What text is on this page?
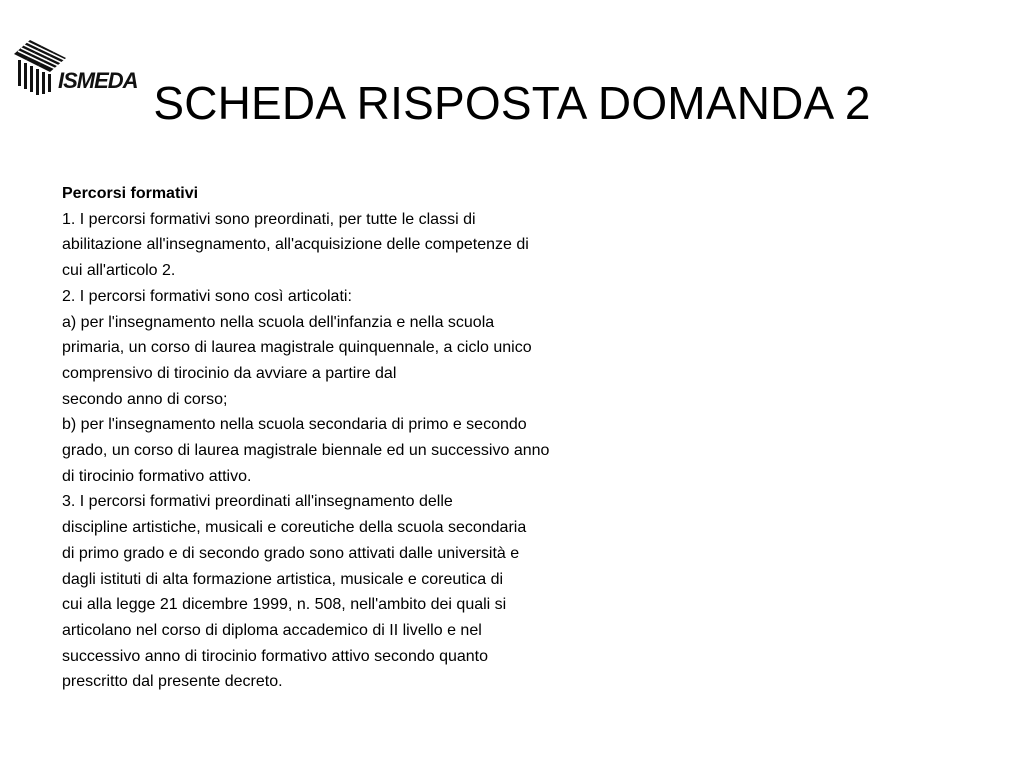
ISMEDA SCHEDA RISPOSTA DOMANDA 2
Percorsi formativi
1. I percorsi formativi sono preordinati, per tutte le classi di
abilitazione all'insegnamento, all'acquisizione delle competenze di
cui all'articolo 2.
2. I percorsi formativi sono così articolati:
a) per l'insegnamento nella scuola dell'infanzia e nella scuola
primaria, un corso di laurea magistrale quinquennale, a ciclo unico
comprensivo di tirocinio da avviare a partire dal
secondo anno di corso;
b) per l'insegnamento nella scuola secondaria di primo e secondo
grado, un corso di laurea magistrale biennale ed un successivo anno
di tirocinio formativo attivo.
3. I percorsi formativi preordinati all'insegnamento delle
discipline artistiche, musicali e coreutiche della scuola secondaria
di primo grado e di secondo grado sono attivati dalle università e
dagli istituti di alta formazione artistica, musicale e coreutica di
cui alla legge 21 dicembre 1999, n. 508, nell'ambito dei quali si
articolano nel corso di diploma accademico di II livello e nel
successivo anno di tirocinio formativo attivo secondo quanto
prescritto dal presente decreto.
